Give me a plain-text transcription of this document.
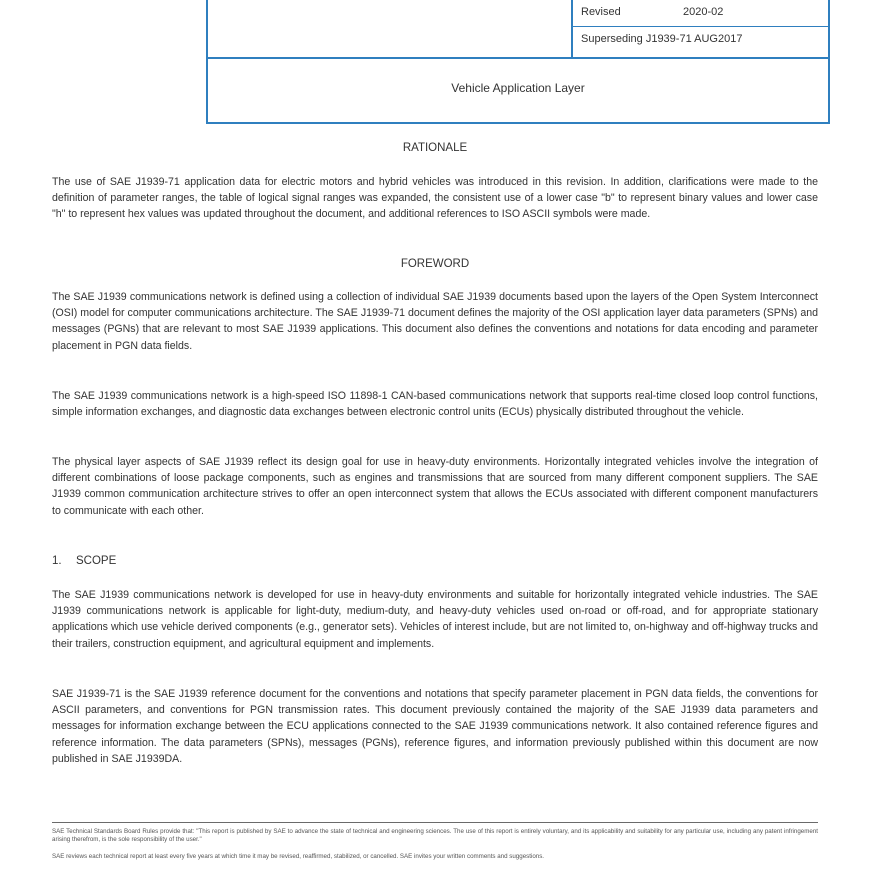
Revised	2020-02
Superseding J1939-71 AUG2017
Vehicle Application Layer
RATIONALE

The use of SAE J1939-71 application data for electric motors and hybrid vehicles was introduced in this revision. In addition, clarifications were made to the definition of parameter ranges, the table of logical signal ranges was expanded, the consistent use of a lower case "b" to represent binary values and lower case "h" to represent hex values was updated throughout the document, and additional references to ISO ASCII symbols were made.

FOREWORD

The SAE J1939 communications network is defined using a collection of individual SAE J1939 documents based upon the layers of the Open System Interconnect (OSI) model for computer communications architecture. The SAE J1939-71 document defines the majority of the OSI application layer data parameters (SPNs) and messages (PGNs) that are relevant to most SAE J1939 applications. This document also defines the conventions and notations for data encoding and parameter placement in PGN data fields.

The SAE J1939 communications network is a high-speed ISO 11898-1 CAN-based communications network that supports real-time closed loop control functions, simple information exchanges, and diagnostic data exchanges between electronic control units (ECUs) physically distributed throughout the vehicle.

The physical layer aspects of SAE J1939 reflect its design goal for use in heavy-duty environments. Horizontally integrated vehicles involve the integration of different combinations of loose package components, such as engines and transmissions that are sourced from many different component suppliers. The SAE J1939 common communication architecture strives to offer an open interconnect system that allows the ECUs associated with different component manufacturers to communicate with each other.

1. SCOPE

The SAE J1939 communications network is developed for use in heavy-duty environments and suitable for horizontally integrated vehicle industries. The SAE J1939 communications network is applicable for light-duty, medium-duty, and heavy-duty vehicles used on-road or off-road, and for appropriate stationary applications which use vehicle derived components (e.g., generator sets). Vehicles of interest include, but are not limited to, on-highway and off-highway trucks and their trailers, construction equipment, and agricultural equipment and implements.

SAE J1939-71 is the SAE J1939 reference document for the conventions and notations that specify parameter placement in PGN data fields, the conventions for ASCII parameters, and conventions for PGN transmission rates. This document previously contained the majority of the SAE J1939 data parameters and messages for information exchange between the ECU applications connected to the SAE J1939 communications network. It also contained reference figures and reference information. The data parameters (SPNs), messages (PGNs), reference figures, and information previously published within this document are now published in SAE J1939DA.

SAE Technical Standards Board Rules provide that: "This report is published by SAE to advance the state of technical and engineering sciences. The use of this report is entirely voluntary, and its applicability and suitability for any particular use, including any patent infringement arising therefrom, is the sole responsibility of the user."

SAE reviews each technical report at least every five years at which time it may be revised, reaffirmed, stabilized, or cancelled. SAE invites your written comments and suggestions.
